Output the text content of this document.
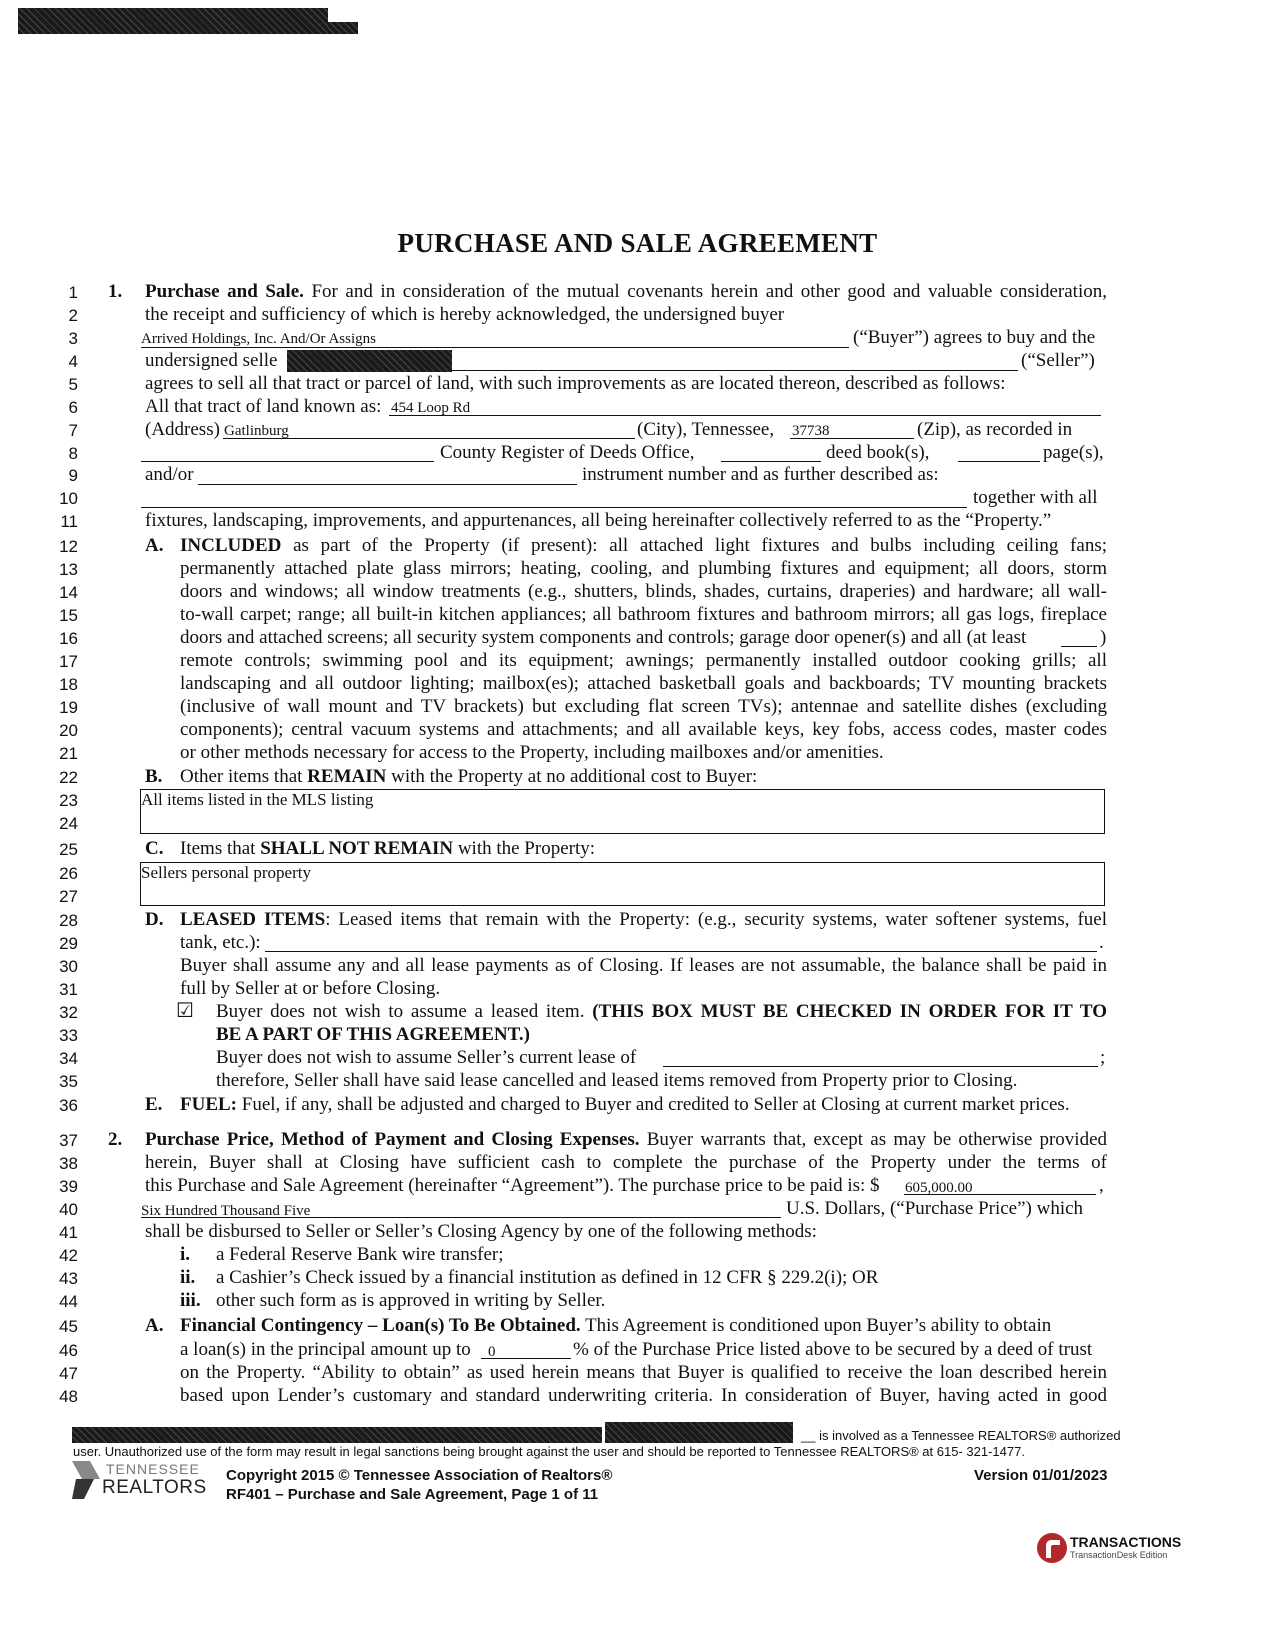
PURCHASE AND SALE AGREEMENT
1
2
3
4
5
6
7
8
9
10
11
12
13
14
15
16
17
18
19
20
21
22
23
24
25
26
27
28
29
30
31
32
33
34
35
36
37
38
39
40
41
42
43
44
45
46
47
48
1. Purchase and Sale. For and in consideration of the mutual covenants herein and other good and valuable consideration,
the receipt and sufficiency of which is hereby acknowledged, the undersigned buyer
Arrived Holdings, Inc. And/Or Assigns	(“Buyer”) agrees to buy and the
undersigned selle	(“Seller”)
agrees to sell all that tract or parcel of land, with such improvements as are located thereon, described as follows:
All that tract of land known as: 454 Loop Rd
(Address) Gatlinburg	(City), Tennessee, 37738	(Zip), as recorded in
County Register of Deeds Office,	deed book(s),	page(s),
and/or	instrument number and as further described as:
together with all
fixtures, landscaping, improvements, and appurtenances, all being hereinafter collectively referred to as the “Property.”
A. INCLUDED as part of the Property (if present): all attached light fixtures and bulbs including ceiling fans;
permanently attached plate glass mirrors; heating, cooling, and plumbing fixtures and equipment; all doors, storm
doors and windows; all window treatments (e.g., shutters, blinds, shades, curtains, draperies) and hardware; all wall-
to-wall carpet; range; all built-in kitchen appliances; all bathroom fixtures and bathroom mirrors; all gas logs, fireplace
doors and attached screens; all security system components and controls; garage door opener(s) and all (at least	)
remote controls; swimming pool and its equipment; awnings; permanently installed outdoor cooking grills; all
landscaping and all outdoor lighting; mailbox(es); attached basketball goals and backboards; TV mounting brackets
(inclusive of wall mount and TV brackets) but excluding flat screen TVs); antennae and satellite dishes (excluding
components); central vacuum systems and attachments; and all available keys, key fobs, access codes, master codes
or other methods necessary for access to the Property, including mailboxes and/or amenities.
B. Other items that REMAIN with the Property at no additional cost to Buyer:
All items listed in the MLS listing
C. Items that SHALL NOT REMAIN with the Property:
Sellers personal property
D. LEASED ITEMS: Leased items that remain with the Property: (e.g., security systems, water softener systems, fuel
tank, etc.):	.
Buyer shall assume any and all lease payments as of Closing. If leases are not assumable, the balance shall be paid in
full by Seller at or before Closing.
☑ Buyer does not wish to assume a leased item. (THIS BOX MUST BE CHECKED IN ORDER FOR IT TO
BE A PART OF THIS AGREEMENT.)
Buyer does not wish to assume Seller’s current lease of	;
therefore, Seller shall have said lease cancelled and leased items removed from Property prior to Closing.
E. FUEL: Fuel, if any, shall be adjusted and charged to Buyer and credited to Seller at Closing at current market prices.
2. Purchase Price, Method of Payment and Closing Expenses. Buyer warrants that, except as may be otherwise provided
herein, Buyer shall at Closing have sufficient cash to complete the purchase of the Property under the terms of
this Purchase and Sale Agreement (hereinafter “Agreement”). The purchase price to be paid is: $ 605,000.00	,
Six Hundred Thousand Five	U.S. Dollars, (“Purchase Price”) which
shall be disbursed to Seller or Seller’s Closing Agency by one of the following methods:
i. a Federal Reserve Bank wire transfer;
ii. a Cashier’s Check issued by a financial institution as defined in 12 CFR § 229.2(i); OR
iii. other such form as is approved in writing by Seller.
A. Financial Contingency – Loan(s) To Be Obtained. This Agreement is conditioned upon Buyer’s ability to obtain
a loan(s) in the principal amount up to 0	% of the Purchase Price listed above to be secured by a deed of trust
on the Property. “Ability to obtain” as used herein means that Buyer is qualified to receive the loan described herein
based upon Lender’s customary and standard underwriting criteria. In consideration of Buyer, having acted in good
__ is involved as a Tennessee REALTORS® authorized
user. Unauthorized use of the form may result in legal sanctions being brought against the user and should be reported to Tennessee REALTORS® at 615- 321-1477.
TENNESSEE
REALTORS
Copyright 2015 © Tennessee Association of Realtors®
RF401 – Purchase and Sale Agreement, Page 1 of 11
Version 01/01/2023
TRANSACTIONS
TransactionDesk Edition
